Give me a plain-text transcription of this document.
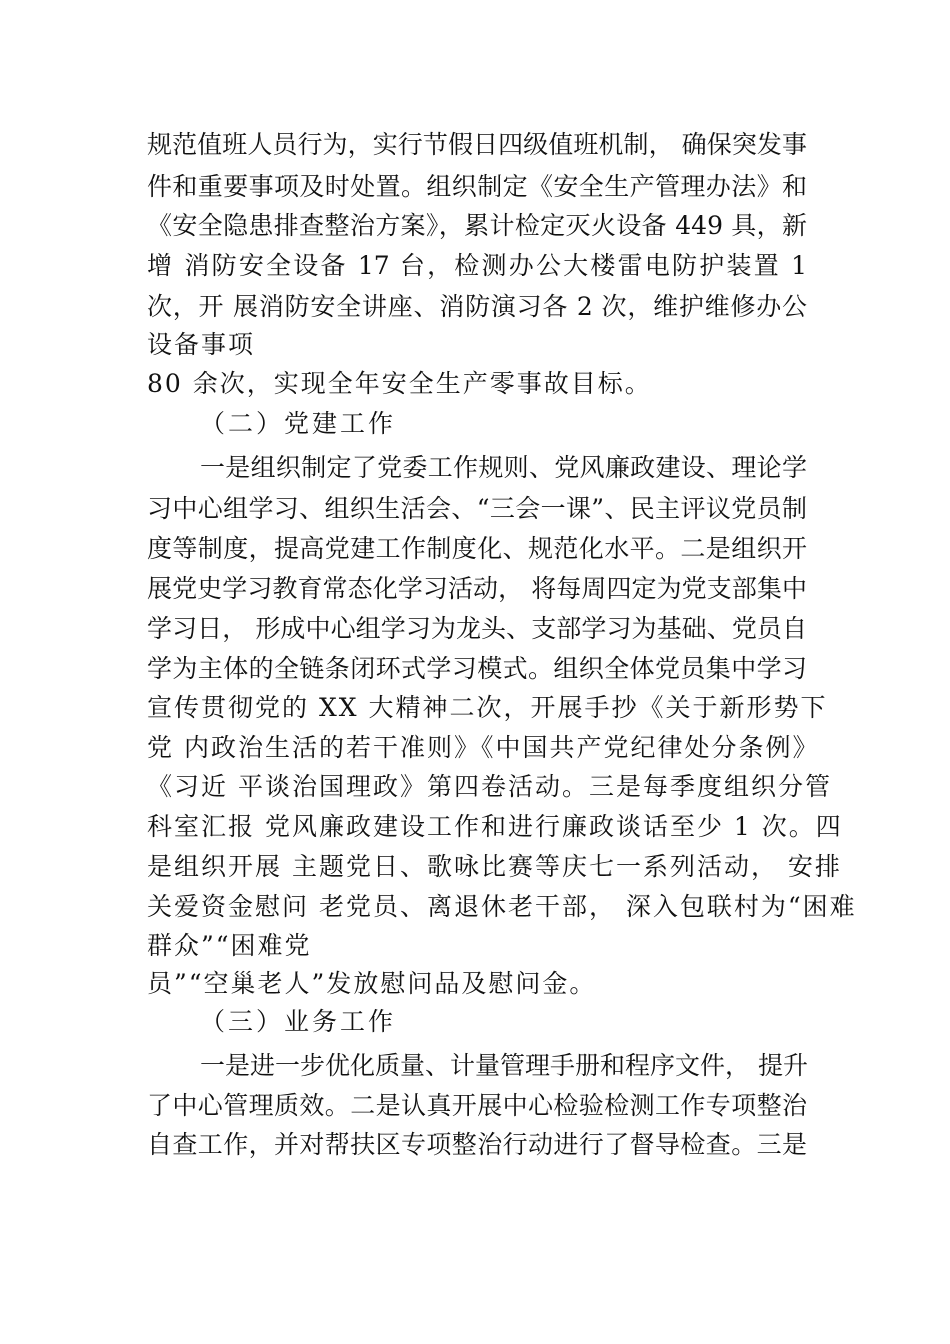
规范值班人员行为，实行节假日四级值班机制， 确保突发事
件和重要事项及时处置。组织制定《安全生产管理办法》和
《安全隐患排查整治方案》，累计检定灭火设备 449 具，新
增 消防安全设备 17 台，检测办公大楼雷电防护装置 1
次，开 展消防安全讲座、消防演习各 2 次，维护维修办公
设备事项
80 余次，实现全年安全生产零事故目标。
（二）党建工作
一是组织制定了党委工作规则、党风廉政建设、理论学
习中心组学习、组织生活会、“三会一课”、民主评议党员制
度等制度，提高党建工作制度化、规范化水平。二是组织开
展党史学习教育常态化学习活动， 将每周四定为党支部集中
学习日， 形成中心组学习为龙头、支部学习为基础、党员自
学为主体的全链条闭环式学习模式。组织全体党员集中学习
宣传贯彻党的 XX 大精神二次，开展手抄《关于新形势下
党 内政治生活的若干准则》《中国共产党纪律处分条例》
《习近 平谈治国理政》第四卷活动。三是每季度组织分管
科室汇报 党风廉政建设工作和进行廉政谈话至少 1 次。四
是组织开展 主题党日、歌咏比赛等庆七一系列活动， 安排
关爱资金慰问 老党员、离退休老干部， 深入包联村为“困难
群众”“困难党
员”“空巢老人”发放慰问品及慰问金。
（三）业务工作
一是进一步优化质量、计量管理手册和程序文件， 提升
了中心管理质效。二是认真开展中心检验检测工作专项整治
自查工作，并对帮扶区专项整治行动进行了督导检查。三是
